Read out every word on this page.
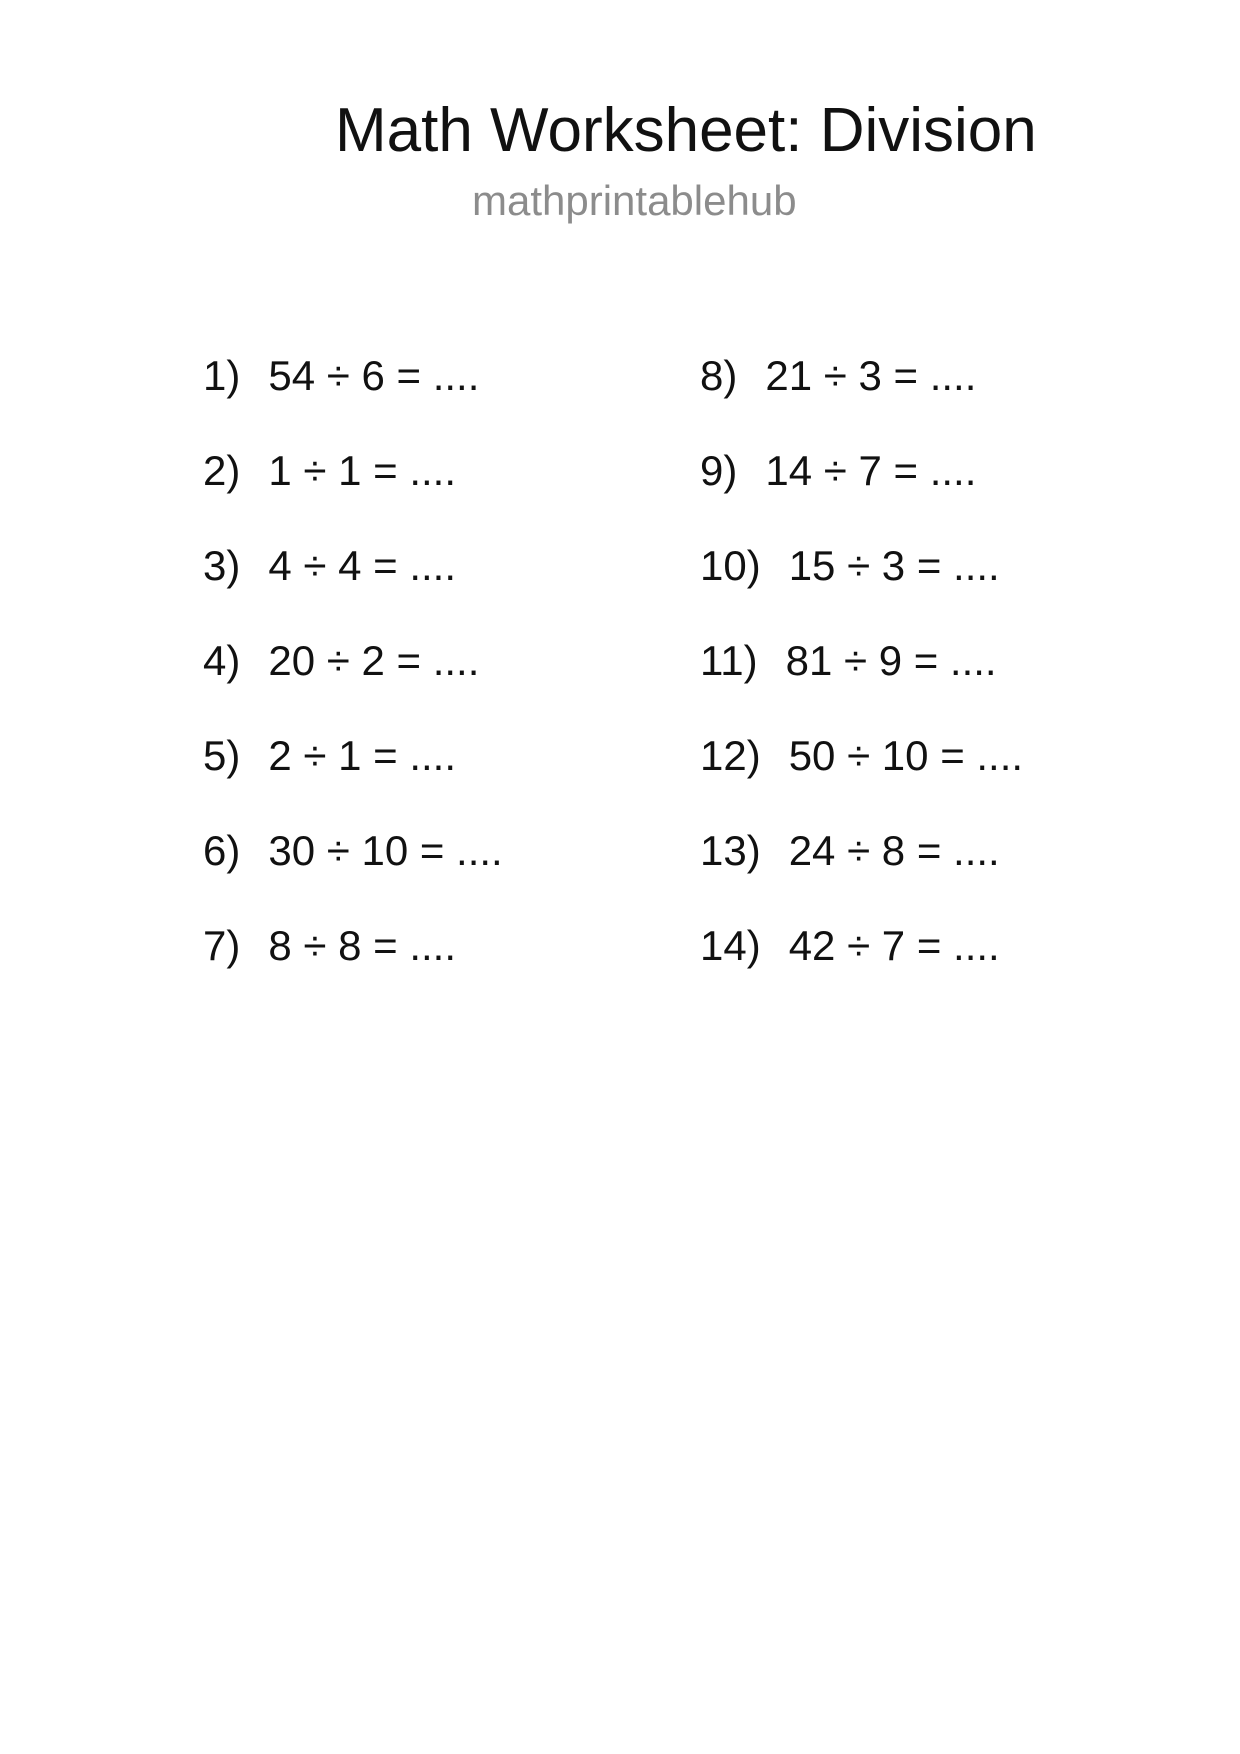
Math Worksheet: Division
mathprintablehub
1) 54 ÷ 6 = ....
2) 1 ÷ 1 = ....
3) 4 ÷ 4 = ....
4) 20 ÷ 2 = ....
5) 2 ÷ 1 = ....
6) 30 ÷ 10 = ....
7) 8 ÷ 8 = ....
8) 21 ÷ 3 = ....
9) 14 ÷ 7 = ....
10) 15 ÷ 3 = ....
11) 81 ÷ 9 = ....
12) 50 ÷ 10 = ....
13) 24 ÷ 8 = ....
14) 42 ÷ 7 = ....
